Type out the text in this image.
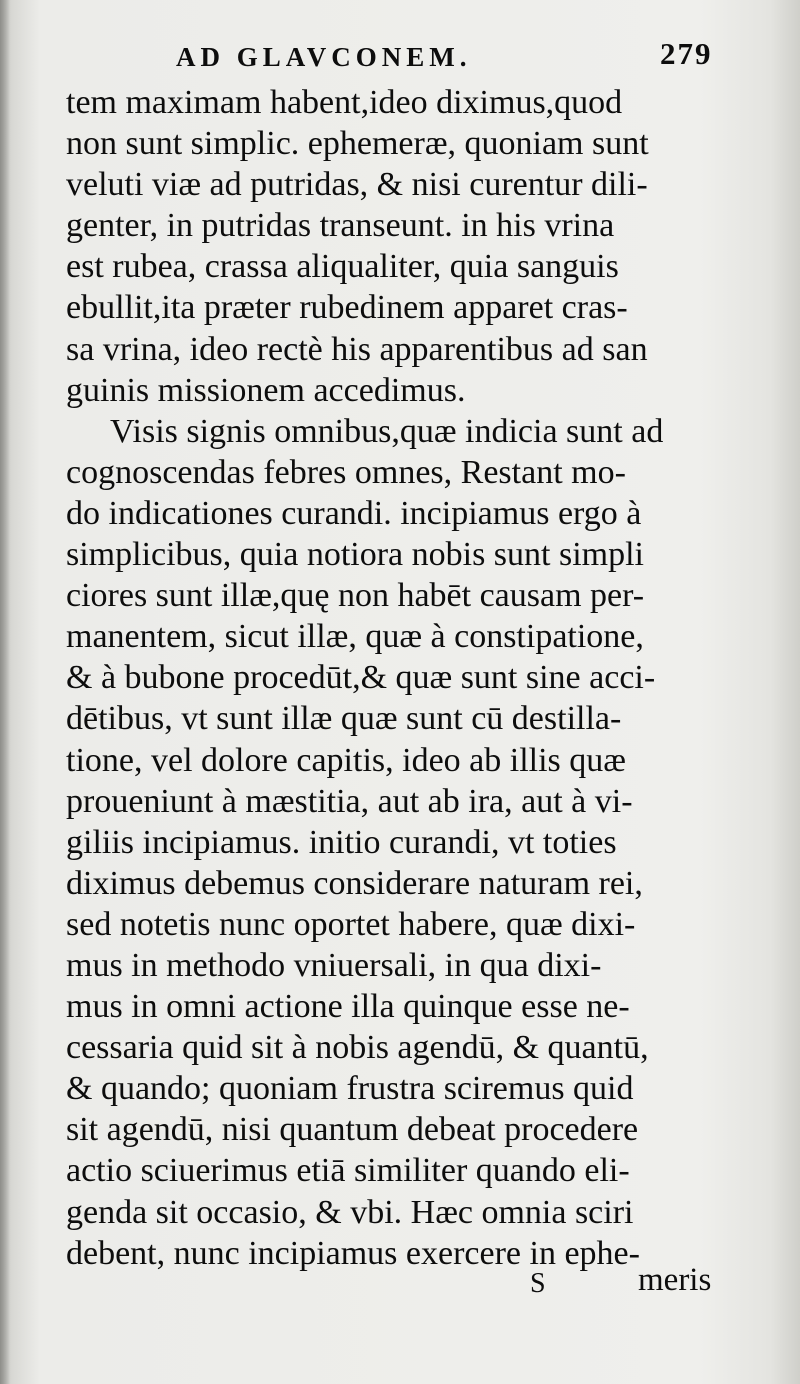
AD GLAVCONEM.	279
tem maximam habent,ideo diximus,quod
non sunt simplic. ephemeræ, quoniam sunt
veluti viæ ad putridas, & nisi curentur dili-
genter, in putridas transeunt. in his vrina
est rubea, crassa aliqualiter, quia sanguis
ebullit,ita præter rubedinem apparet cras-
sa vrina, ideo rectè his apparentibus ad san
guinis missionem accedimus.
Visis signis omnibus,quæ indicia sunt ad
cognoscendas febres omnes, Restant mo-
do indicationes curandi. incipiamus ergo à
simplicibus, quia notiora nobis sunt simpli
ciores sunt illæ,quę non habēt causam per-
manentem, sicut illæ, quæ à constipatione,
& à bubone procedūt,& quæ sunt sine acci-
dētibus, vt sunt illæ quæ sunt cū destilla-
tione, vel dolore capitis, ideo ab illis quæ
proueniunt à mæstitia, aut ab ira, aut à vi-
giliis incipiamus. initio curandi, vt toties
diximus debemus considerare naturam rei,
sed notetis nunc oportet habere, quæ dixi-
mus in methodo vniuersali, in qua dixi-
mus in omni actione illa quinque esse ne-
cessaria quid sit à nobis agendū, & quantū,
& quando; quoniam frustra sciremus quid
sit agendū, nisi quantum debeat procedere
actio sciuerimus etiā similiter quando eli-
genda sit occasio, & vbi. Hæc omnia sciri
debent, nunc incipiamus exercere in ephe-
S	meris
